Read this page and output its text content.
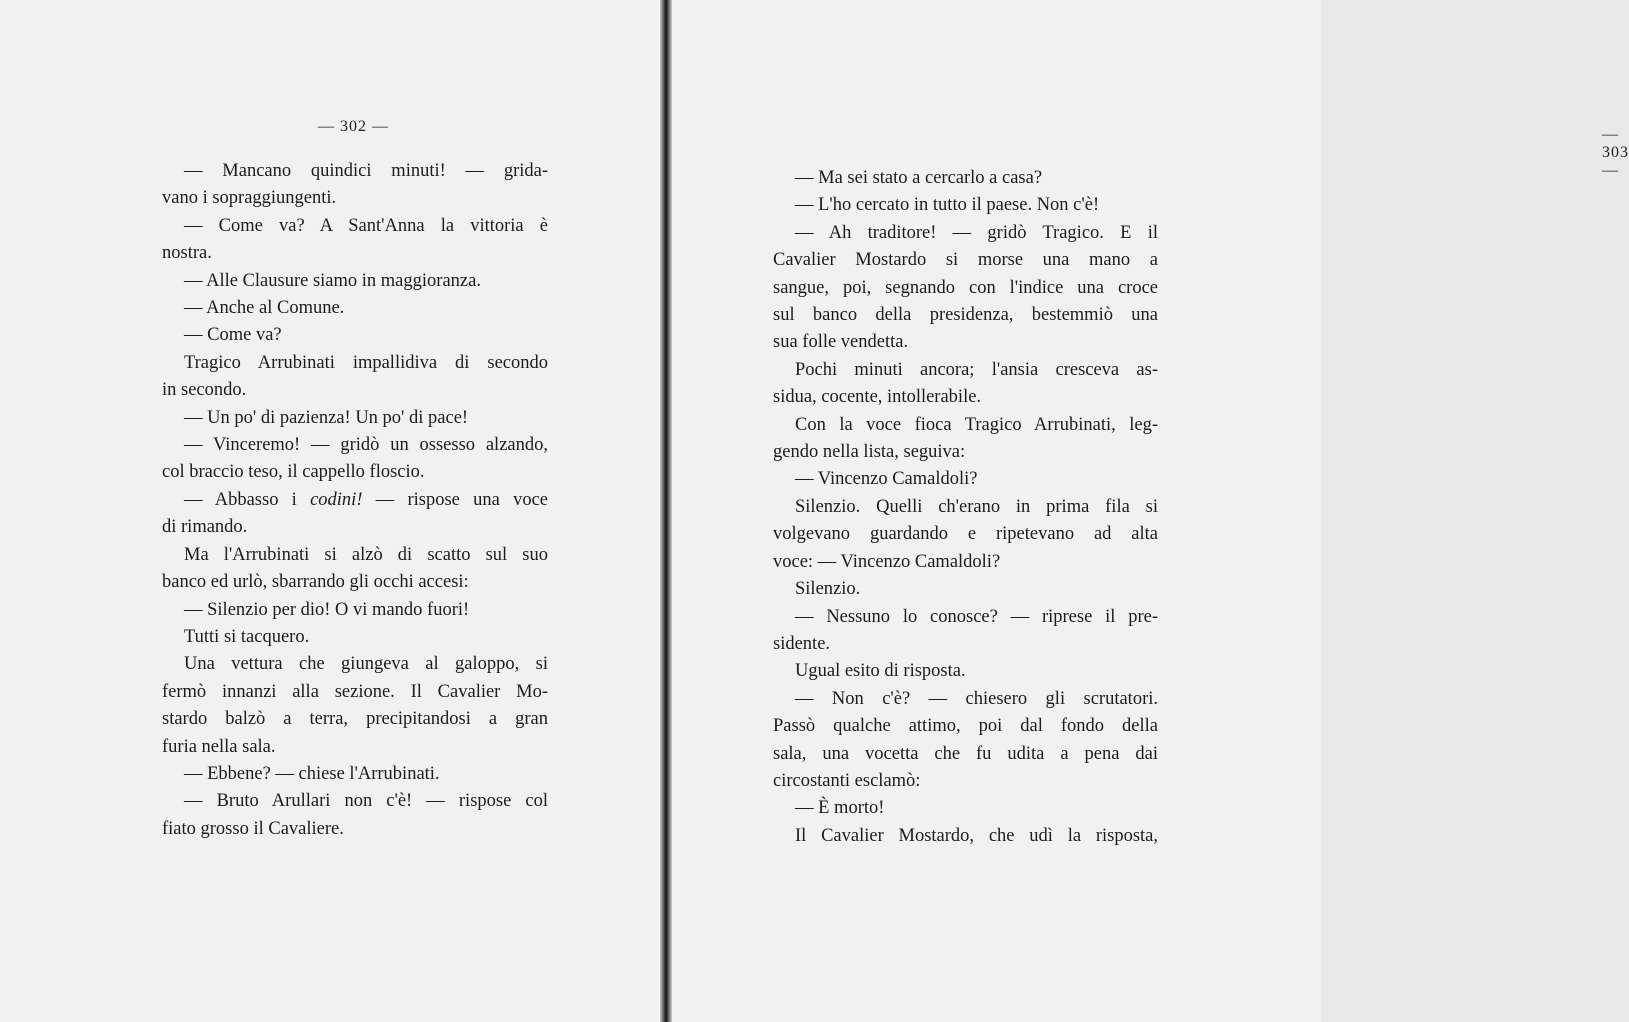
— 302 —	— 303 —
— Mancano quindici minuti! — grida-
vano i sopraggiungenti.
— Come va? A Sant'Anna la vittoria è
nostra.
— Alle Clausure siamo in maggioranza.
— Anche al Comune.
— Come va?
Tragico Arrubinati impallidiva di secondo
in secondo.
— Un po' di pazienza! Un po' di pace!
— Vinceremo! — gridò un ossesso alzando,
col braccio teso, il cappello floscio.
— Abbasso i codini! — rispose una voce
di rimando.
Ma l'Arrubinati si alzò di scatto sul suo
banco ed urlò, sbarrando gli occhi accesi:
— Silenzio per dio! O vi mando fuori!
Tutti si tacquero.
Una vettura che giungeva al galoppo, si
fermò innanzi alla sezione. Il Cavalier Mo-
stardo balzò a terra, precipitandosi a gran
furia nella sala.
— Ebbene? — chiese l'Arrubinati.
— Bruto Arullari non c'è! — rispose col
fiato grosso il Cavaliere.
— Ma sei stato a cercarlo a casa?
— L'ho cercato in tutto il paese. Non c'è!
— Ah traditore! — gridò Tragico. E il
Cavalier Mostardo si morse una mano a
sangue, poi, segnando con l'indice una croce
sul banco della presidenza, bestemmiò una
sua folle vendetta.
Pochi minuti ancora; l'ansia cresceva as-
sidua, cocente, intollerabile.
Con la voce fioca Tragico Arrubinati, leg-
gendo nella lista, seguiva:
— Vincenzo Camaldoli?
Silenzio. Quelli ch'erano in prima fila si
volgevano guardando e ripetevano ad alta
voce: — Vincenzo Camaldoli?
Silenzio.
— Nessuno lo conosce? — riprese il pre-
sidente.
Ugual esito di risposta.
— Non c'è? — chiesero gli scrutatori.
Passò qualche attimo, poi dal fondo della
sala, una vocetta che fu udita a pena dai
circostanti esclamò:
— È morto!
Il Cavalier Mostardo, che udì la risposta,
